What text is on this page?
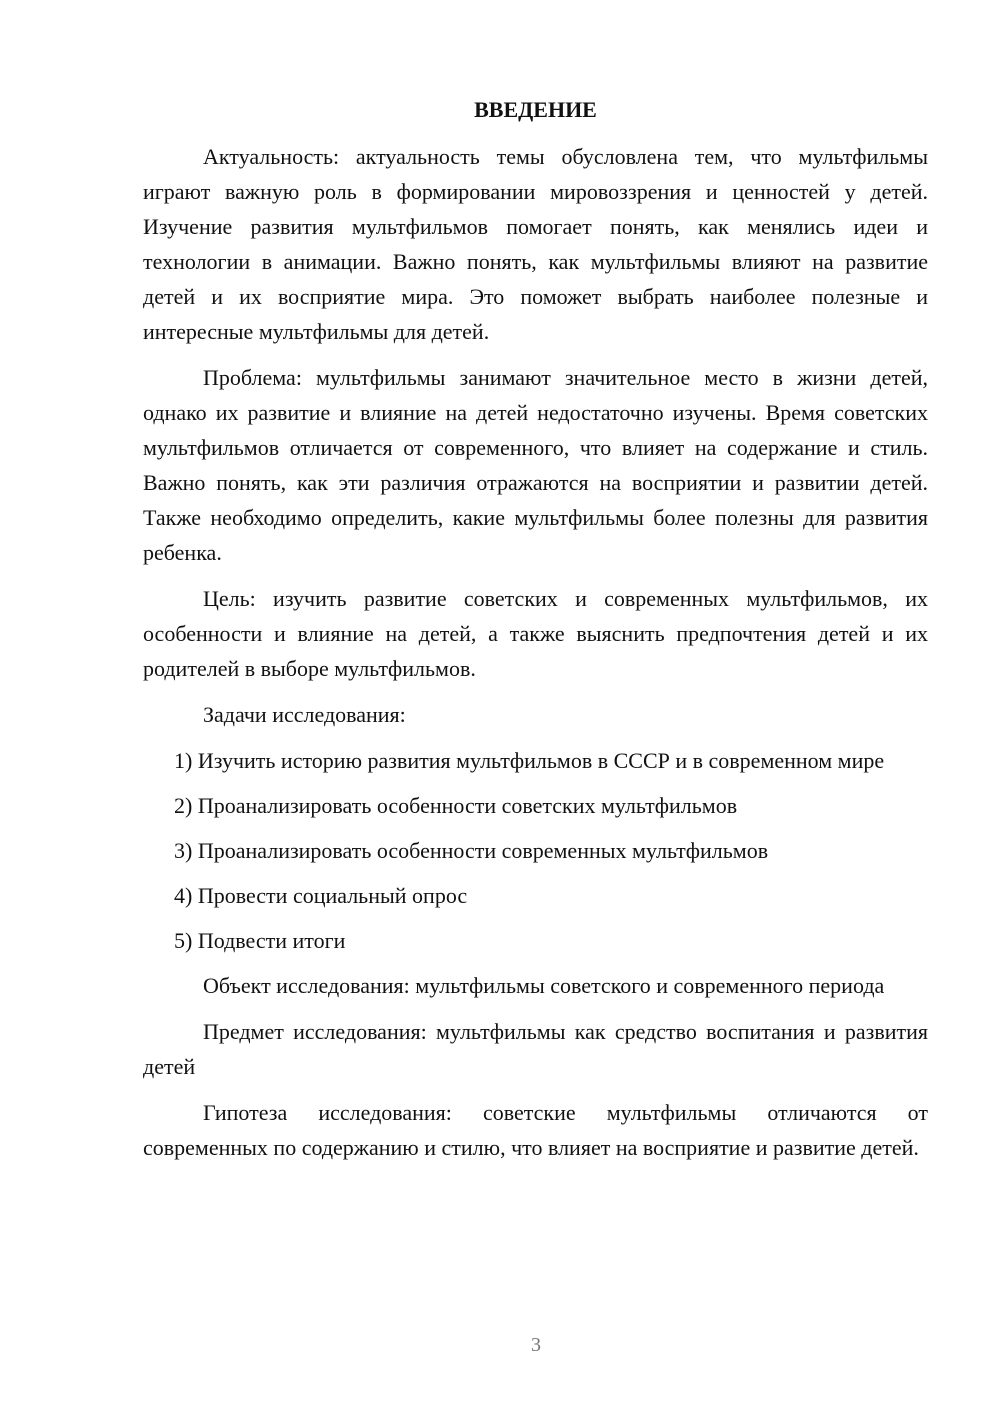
ВВЕДЕНИЕ

Актуальность: актуальность темы обусловлена тем, что мультфильмы играют важную роль в формировании мировоззрения и ценностей у детей. Изучение развития мультфильмов помогает понять, как менялись идеи и технологии в анимации. Важно понять, как мультфильмы влияют на развитие детей и их восприятие мира. Это поможет выбрать наиболее полезные и интересные мультфильмы для детей.

Проблема: мультфильмы занимают значительное место в жизни детей, однако их развитие и влияние на детей недостаточно изучены. Время советских мультфильмов отличается от современного, что влияет на содержание и стиль. Важно понять, как эти различия отражаются на восприятии и развитии детей. Также необходимо определить, какие мультфильмы более полезны для развития ребенка.

Цель: изучить развитие советских и современных мультфильмов, их особенности и влияние на детей, а также выяснить предпочтения детей и их родителей в выборе мультфильмов.

Задачи исследования:

1) Изучить историю развития мультфильмов в СССР и в современном мире

2) Проанализировать особенности советских мультфильмов

3) Проанализировать особенности современных мультфильмов

4) Провести социальный опрос

5) Подвести итоги

Объект исследования: мультфильмы советского и современного периода

Предмет исследования: мультфильмы как средство воспитания и развития детей

Гипотеза исследования: советские мультфильмы отличаются от современных по содержанию и стилю, что влияет на восприятие и развитие детей.

3
